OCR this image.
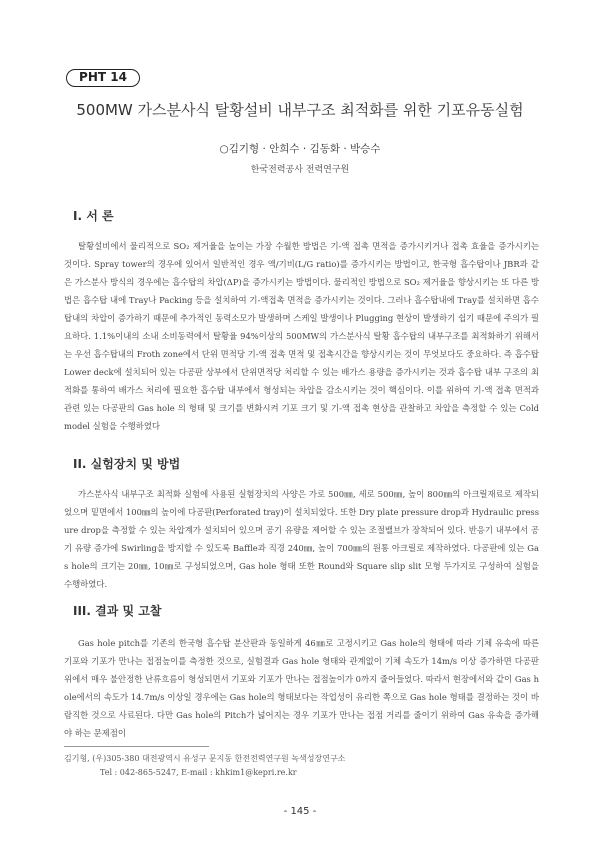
PHT 14
500MW 가스분사식 탈황설비 내부구조 최적화를 위한 기포유동실험
○김기형 · 안희수 · 김동화 · 박승수
한국전력공사 전력연구원
I. 서 론

탈황설비에서 물리적으로 SO₂ 제거율을 높이는 가장 수월한 방법은 기-액 접촉 면적을 증가시키거나 접촉 효율을 증가시키는 것이다. Spray tower의 경우에 있어서 일반적인 경우 액/기비(L/G ratio)를 증가시키는 방법이고, 한국형 흡수탑이나 JBR과 같은 가스분사 방식의 경우에는 흡수탑의 차압(ΔP)을 증가시키는 방법이다. 물리적인 방법으로 SO₂ 제거율을 향상시키는 또 다른 방법은 흡수탑 내에 Tray나 Packing 등을 설치하여 기-액접촉 면적을 증가시키는 것이다. 그러나 흡수탑내에 Tray를 설치하면 흡수탑내의 차압이 증가하기 때문에 추가적인 동력소모가 발생하며 스케일 발생이나 Plugging 현상이 발생하기 쉽기 때문에 주의가 필요하다. 1.1%이내의 소내 소비동력에서 탈황율 94%이상의 500MW의 가스분사식 탈황 흡수탑의 내부구조를 최적화하기 위해서는 우선 흡수탑내의 Froth zone에서 단위 면적당 기-액 접촉 면적 및 접촉시간을 향상시키는 것이 무엇보다도 중요하다. 즉 흡수탑 Lower deck에 설치되어 있는 다공판 상부에서 단위면적당 처리할 수 있는 배가스 용량을 증가시키는 것과 흡수탑 내부 구조의 최적화를 통하여 배가스 처리에 필요한 흡수탑 내부에서 형성되는 차압을 감소시키는 것이 핵심이다. 이를 위하여 기-액 접촉 면적과 관련 있는 다공판의 Gas hole 의 형태 및 크기를 변화시켜 기포 크기 및 기-액 접촉 현상을 관찰하고 차압을 측정할 수 있는 Cold model 실험을 수행하였다

II. 실험장치 및 방법

가스분사식 내부구조 최적화 실험에 사용된 실험장치의 사양은 가로 500㎜, 세로 500㎜, 높이 800㎜의 아크릴재료로 제작되었으며 밑면에서 100㎜의 높이에 다공판(Perforated tray)이 설치되었다. 또한 Dry plate pressure drop과 Hydraulic pressure drop을 측정할 수 있는 차압계가 설치되어 있으며 공기 유량을 제어할 수 있는 조절밸브가 장착되어 있다. 반응기 내부에서 공기 유량 증가에 Swirling을 방지할 수 있도록 Baffle과 직경 240㎜, 높이 700㎜의 원통 아크릴로 제작하였다. 다공판에 있는 Gas hole의 크기는 20㎜, 10㎜로 구성되었으며, Gas hole 형태 또한 Round와 Square slip slit 모형 두가지로 구성하여 실험을 수행하였다.

III. 결과 및 고찰

Gas hole pitch를 기존의 한국형 흡수탑 분산판과 동일하게 46㎜로 고정시키고 Gas hole의 형태에 따라 기체 유속에 따른 기포와 기포가 만나는 접점높이를 측정한 것으로, 실험결과 Gas hole 형태와 관계없이 기체 속도가 14m/s 이상 증가하면 다공판 위에서 매우 불안정한 난류흐름이 형성되면서 기포와 기포가 만나는 접점높이가 0까지 줄어들었다. 따라서 현장에서와 같이 Gas hole에서의 속도가 14.7m/s 이상일 경우에는 Gas hole의 형태보다는 작업성이 유리한 쪽으로 Gas hole 형태를 결정하는 것이 바람직한 것으로 사료된다. 다만 Gas hole의 Pitch가 넓어지는 경우 기포가 만나는 접점 거리를 줄이기 위하여 Gas 유속을 증가해야 하는 문제점이

김기형, (우)305-380 대전광역시 유성구 문지동 한전전력연구원 녹색성장연구소
Tel : 042-865-5247, E-mail : khkim1@kepri.re.kr
- 145 -
